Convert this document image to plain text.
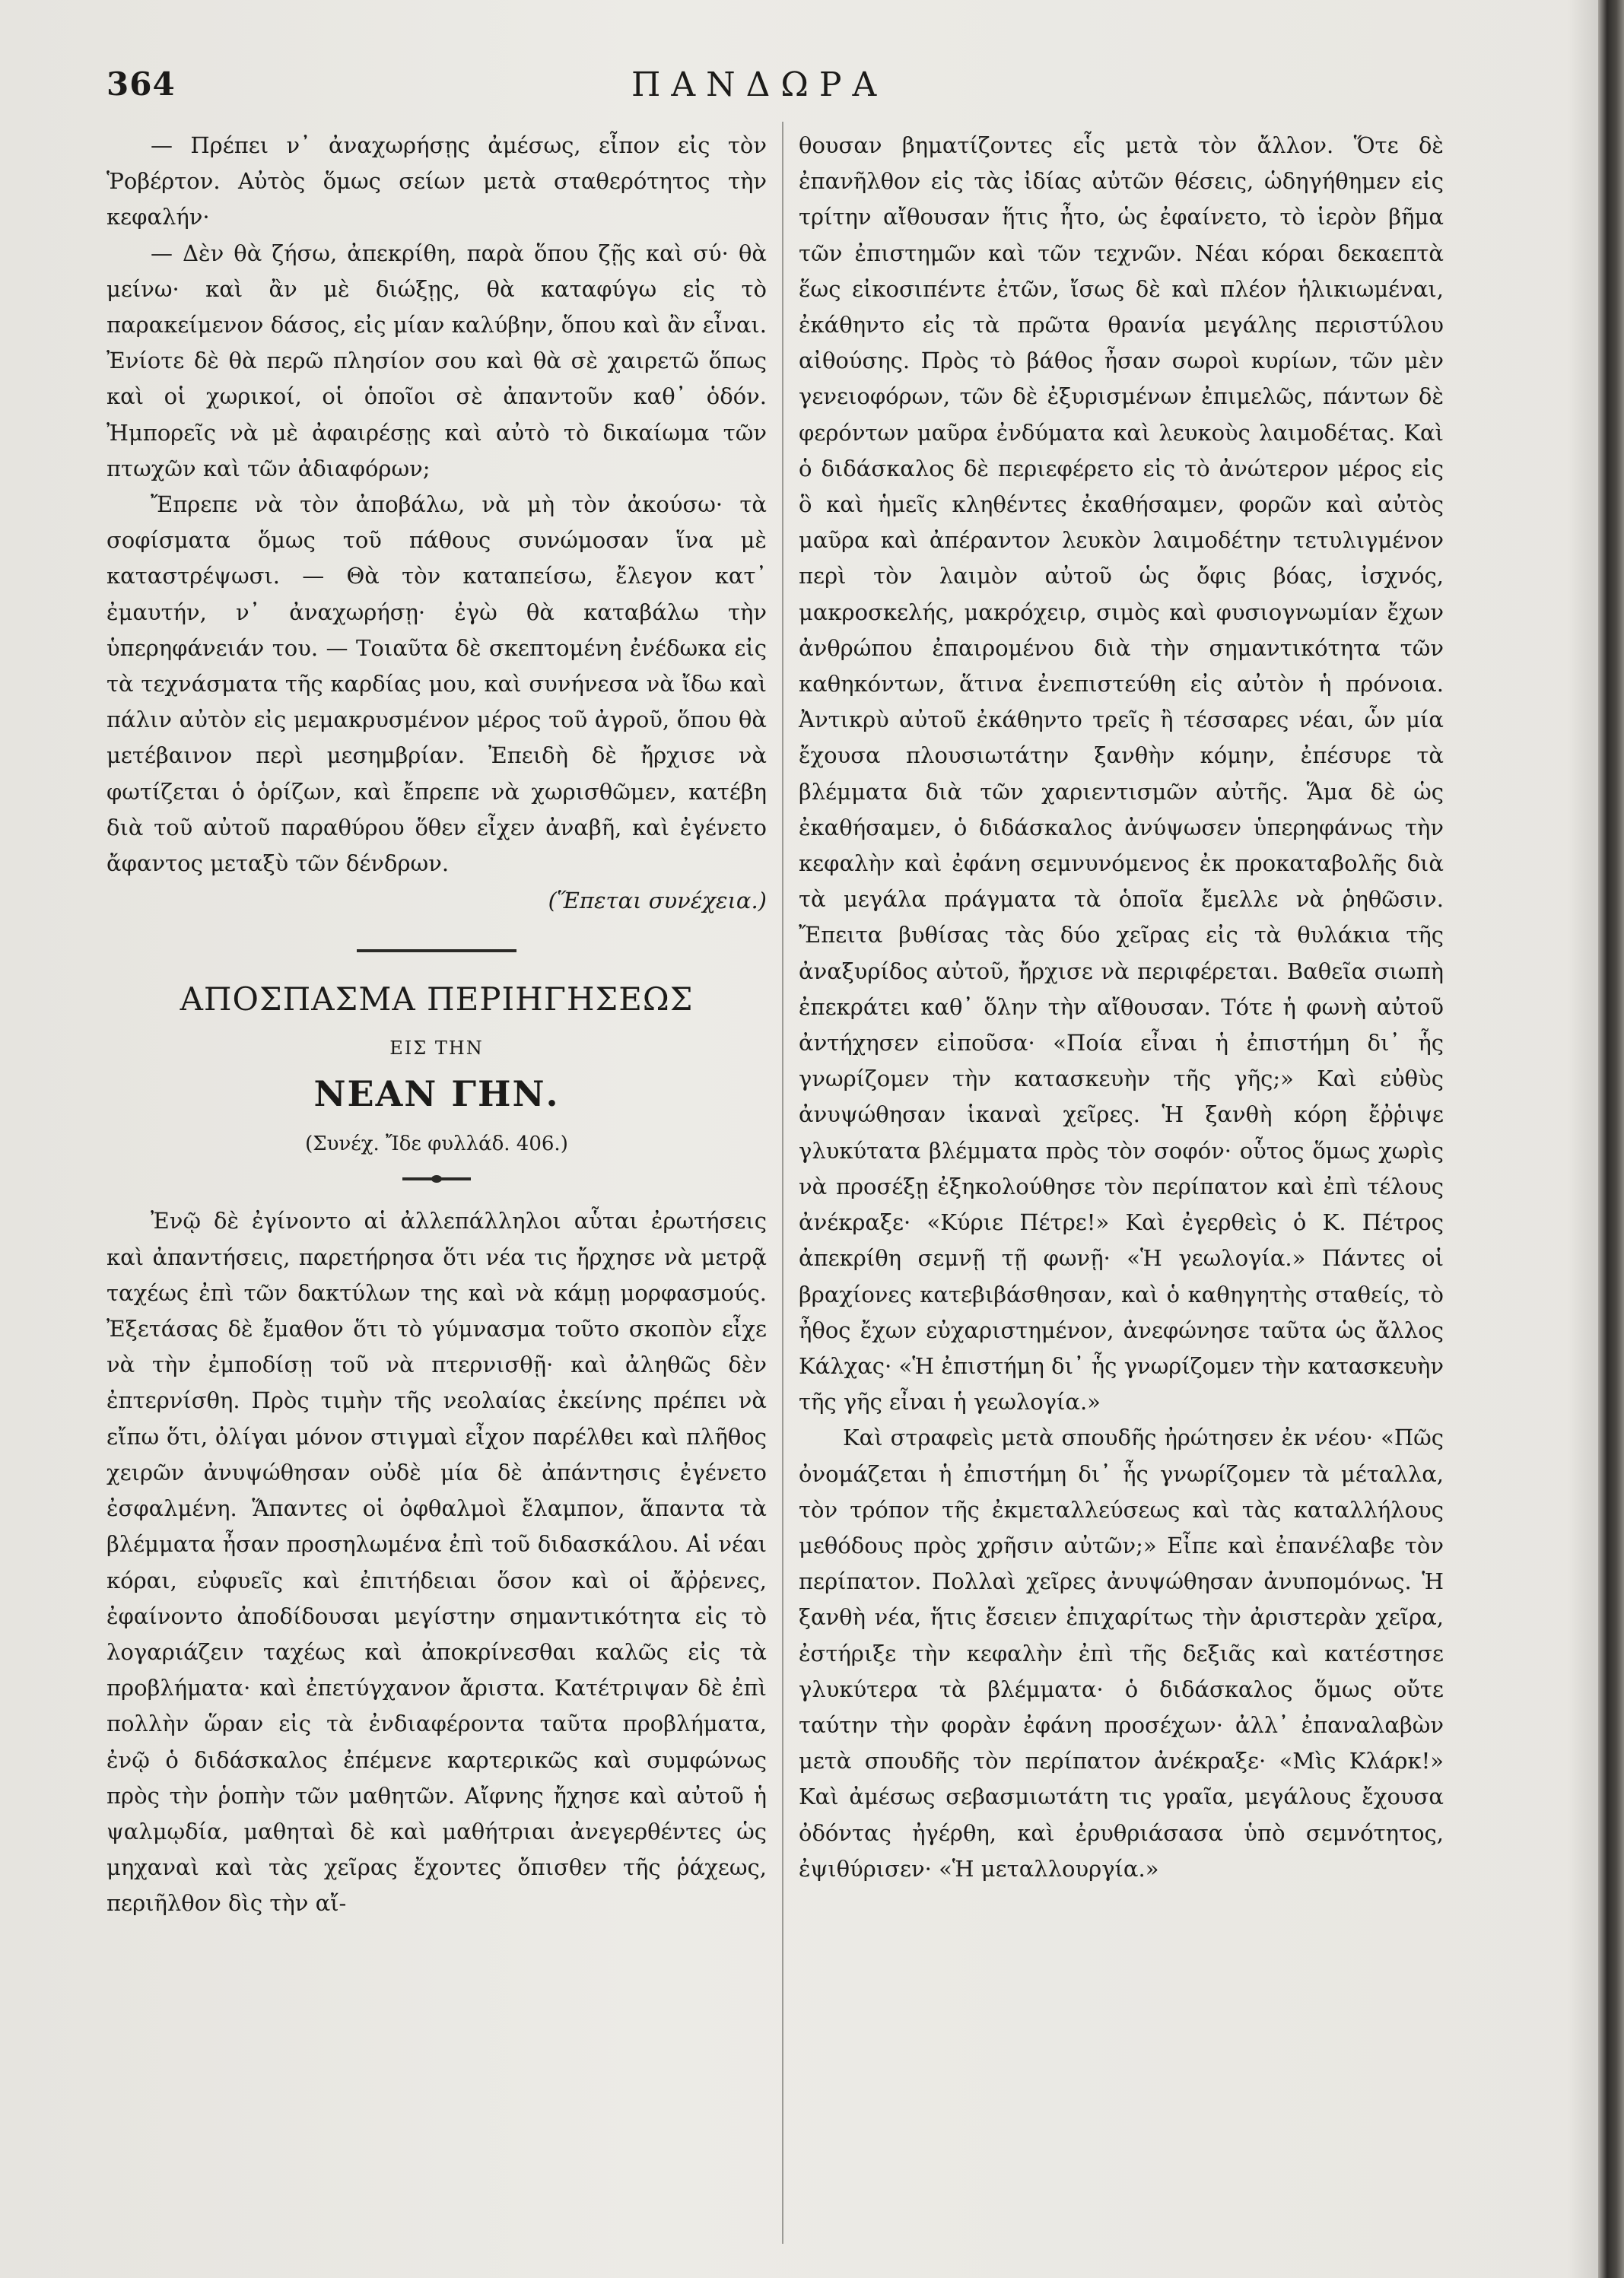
364	ΠΑΝΔΩΡΑ

— Πρέπει ν᾽ ἀναχωρήσῃς ἀμέσως, εἶπον εἰς τὸν Ῥοβέρτον. Αὐτὸς ὅμως σείων μετὰ σταθερότητος τὴν κεφαλήν·

— Δὲν θὰ ζήσω, ἀπεκρίθη, παρὰ ὅπου ζῇς καὶ σύ· θὰ μείνω· καὶ ἂν μὲ διώξῃς, θὰ καταφύγω εἰς τὸ παρακείμενον δάσος, εἰς μίαν καλύβην, ὅπου καὶ ἂν εἶναι. Ἐνίοτε δὲ θὰ περῶ πλησίον σου καὶ θὰ σὲ χαιρετῶ ὅπως καὶ οἱ χωρικοί, οἱ ὁποῖοι σὲ ἀπαντοῦν καθ᾽ ὁδόν. Ἠμπορεῖς νὰ μὲ ἀφαιρέσῃς καὶ αὐτὸ τὸ δικαίωμα τῶν πτωχῶν καὶ τῶν ἀδιαφόρων;

Ἔπρεπε νὰ τὸν ἀποβάλω, νὰ μὴ τὸν ἀκούσω· τὰ σοφίσματα ὅμως τοῦ πάθους συνώμοσαν ἵνα μὲ καταστρέψωσι. — Θὰ τὸν καταπείσω, ἔλεγον κατ᾽ ἐμαυτήν, ν᾽ ἀναχωρήσῃ· ἐγὼ θὰ καταβάλω τὴν ὑπερηφάνειάν του. — Τοιαῦτα δὲ σκεπτομένη ἐνέδωκα εἰς τὰ τεχνάσματα τῆς καρδίας μου, καὶ συνήνεσα νὰ ἴδω καὶ πάλιν αὐτὸν εἰς μεμακρυσμένον μέρος τοῦ ἀγροῦ, ὅπου θὰ μετέβαινον περὶ μεσημβρίαν. Ἐπειδὴ δὲ ἤρχισε νὰ φωτίζεται ὁ ὁρίζων, καὶ ἔπρεπε νὰ χωρισθῶμεν, κατέβη διὰ τοῦ αὐτοῦ παραθύρου ὅθεν εἶχεν ἀναβῆ, καὶ ἐγένετο ἄφαντος μεταξὺ τῶν δένδρων.

(Ἕπεται συνέχεια.)

ΑΠΟΣΠΑΣΜΑ ΠΕΡΙΗΓΗΣΕΩΣ

ΕΙΣ ΤΗΝ

ΝΕΑΝ ΓΗΝ.

(Συνέχ. Ἴδε φυλλάδ. 406.)

Ἐνῷ δὲ ἐγίνοντο αἱ ἀλλεπάλληλοι αὗται ἐρωτήσεις καὶ ἀπαντήσεις, παρετήρησα ὅτι νέα τις ἤρχησε νὰ μετρᾷ ταχέως ἐπὶ τῶν δακτύλων της καὶ νὰ κάμῃ μορφασμούς. Ἐξετάσας δὲ ἔμαθον ὅτι τὸ γύμνασμα τοῦτο σκοπὸν εἶχε νὰ τὴν ἐμποδίσῃ τοῦ νὰ πτερνισθῇ· καὶ ἀληθῶς δὲν ἐπτερνίσθη. Πρὸς τιμὴν τῆς νεολαίας ἐκείνης πρέπει νὰ εἴπω ὅτι, ὀλίγαι μόνον στιγμαὶ εἶχον παρέλθει καὶ πλῆθος χειρῶν ἀνυψώθησαν οὐδὲ μία δὲ ἀπάντησις ἐγένετο ἐσφαλμένη. Ἅπαντες οἱ ὀφθαλμοὶ ἔλαμπον, ἅπαντα τὰ βλέμματα ἦσαν προσηλωμένα ἐπὶ τοῦ διδασκάλου. Αἱ νέαι κόραι, εὐφυεῖς καὶ ἐπιτήδειαι ὅσον καὶ οἱ ἄῤῥενες, ἐφαίνοντο ἀποδίδουσαι μεγίστην σημαντικότητα εἰς τὸ λογαριάζειν ταχέως καὶ ἀποκρίνεσθαι καλῶς εἰς τὰ προβλήματα· καὶ ἐπετύγχανον ἄριστα. Κατέτριψαν δὲ ἐπὶ πολλὴν ὥραν εἰς τὰ ἐνδιαφέροντα ταῦτα προβλήματα, ἐνῷ ὁ διδάσκαλος ἐπέμενε καρτερικῶς καὶ συμφώνως πρὸς τὴν ῥοπὴν τῶν μαθητῶν. Αἴφνης ἤχησε καὶ αὐτοῦ ἡ ψαλμῳδία, μαθηταὶ δὲ καὶ μαθήτριαι ἀνεγερθέντες ὡς μηχαναὶ καὶ τὰς χεῖρας ἔχοντες ὄπισθεν τῆς ῥάχεως, περιῆλθον δὶς τὴν αἴ-

θουσαν βηματίζοντες εἷς μετὰ τὸν ἄλλον. Ὅτε δὲ ἐπανῆλθον εἰς τὰς ἰδίας αὐτῶν θέσεις, ὡδηγήθημεν εἰς τρίτην αἴθουσαν ἥτις ἦτο, ὡς ἐφαίνετο, τὸ ἱερὸν βῆμα τῶν ἐπιστημῶν καὶ τῶν τεχνῶν. Νέαι κόραι δεκαεπτὰ ἕως εἰκοσιπέντε ἐτῶν, ἴσως δὲ καὶ πλέον ἡλικιωμέναι, ἐκάθηντο εἰς τὰ πρῶτα θρανία μεγάλης περιστύλου αἰθούσης. Πρὸς τὸ βάθος ἦσαν σωροὶ κυρίων, τῶν μὲν γενειοφόρων, τῶν δὲ ἐξυρισμένων ἐπιμελῶς, πάντων δὲ φερόντων μαῦρα ἐνδύματα καὶ λευκοὺς λαιμοδέτας. Καὶ ὁ διδάσκαλος δὲ περιεφέρετο εἰς τὸ ἀνώτερον μέρος εἰς ὃ καὶ ἡμεῖς κληθέντες ἐκαθήσαμεν, φορῶν καὶ αὐτὸς μαῦρα καὶ ἀπέραντον λευκὸν λαιμοδέτην τετυλιγμένον περὶ τὸν λαιμὸν αὐτοῦ ὡς ὄφις βόας, ἰσχνός, μακροσκελής, μακρόχειρ, σιμὸς καὶ φυσιογνωμίαν ἔχων ἀνθρώπου ἐπαιρομένου διὰ τὴν σημαντικότητα τῶν καθηκόντων, ἅτινα ἐνεπιστεύθη εἰς αὐτὸν ἡ πρόνοια. Ἀντικρὺ αὐτοῦ ἐκάθηντο τρεῖς ἢ τέσσαρες νέαι, ὧν μία ἔχουσα πλουσιωτάτην ξανθὴν κόμην, ἐπέσυρε τὰ βλέμματα διὰ τῶν χαριεντισμῶν αὐτῆς. Ἅμα δὲ ὡς ἐκαθήσαμεν, ὁ διδάσκαλος ἀνύψωσεν ὑπερηφάνως τὴν κεφαλὴν καὶ ἐφάνη σεμνυνόμενος ἐκ προκαταβολῆς διὰ τὰ μεγάλα πράγματα τὰ ὁποῖα ἔμελλε νὰ ῥηθῶσιν. Ἔπειτα βυθίσας τὰς δύο χεῖρας εἰς τὰ θυλάκια τῆς ἀναξυρίδος αὐτοῦ, ἤρχισε νὰ περιφέρεται. Βαθεῖα σιωπὴ ἐπεκράτει καθ᾽ ὅλην τὴν αἴθουσαν. Τότε ἡ φωνὴ αὐτοῦ ἀντήχησεν εἰποῦσα· «Ποία εἶναι ἡ ἐπιστήμη δι᾽ ἧς γνωρίζομεν τὴν κατασκευὴν τῆς γῆς;» Καὶ εὐθὺς ἀνυψώθησαν ἱκαναὶ χεῖρες. Ἡ ξανθὴ κόρη ἔῤῥιψε γλυκύτατα βλέμματα πρὸς τὸν σοφόν· οὗτος ὅμως χωρὶς νὰ προσέξῃ ἐξηκολούθησε τὸν περίπατον καὶ ἐπὶ τέλους ἀνέκραξε· «Κύριε Πέτρε!» Καὶ ἐγερθεὶς ὁ Κ. Πέτρος ἀπεκρίθη σεμνῇ τῇ φωνῇ· «Ἡ γεωλογία.» Πάντες οἱ βραχίονες κατεβιβάσθησαν, καὶ ὁ καθηγητὴς σταθείς, τὸ ἦθος ἔχων εὐχαριστημένον, ἀνεφώνησε ταῦτα ὡς ἄλλος Κάλχας· «Ἡ ἐπιστήμη δι᾽ ἧς γνωρίζομεν τὴν κατασκευὴν τῆς γῆς εἶναι ἡ γεωλογία.»

Καὶ στραφεὶς μετὰ σπουδῆς ἠρώτησεν ἐκ νέου· «Πῶς ὀνομάζεται ἡ ἐπιστήμη δι᾽ ἧς γνωρίζομεν τὰ μέταλλα, τὸν τρόπον τῆς ἐκμεταλλεύσεως καὶ τὰς καταλλήλους μεθόδους πρὸς χρῆσιν αὐτῶν;» Εἶπε καὶ ἐπανέλαβε τὸν περίπατον. Πολλαὶ χεῖρες ἀνυψώθησαν ἀνυπομόνως. Ἡ ξανθὴ νέα, ἥτις ἔσειεν ἐπιχαρίτως τὴν ἀριστερὰν χεῖρα, ἐστήριξε τὴν κεφαλὴν ἐπὶ τῆς δεξιᾶς καὶ κατέστησε γλυκύτερα τὰ βλέμματα· ὁ διδάσκαλος ὅμως οὔτε ταύτην τὴν φορὰν ἐφάνη προσέχων· ἀλλ᾽ ἐπαναλαβὼν μετὰ σπουδῆς τὸν περίπατον ἀνέκραξε· «Μὶς Κλάρκ!» Καὶ ἀμέσως σεβασμιωτάτη τις γραῖα, μεγάλους ἔχουσα ὀδόντας ἠγέρθη, καὶ ἐρυθριάσασα ὑπὸ σεμνότητος, ἐψιθύρισεν· «Ἡ μεταλλουργία.»
